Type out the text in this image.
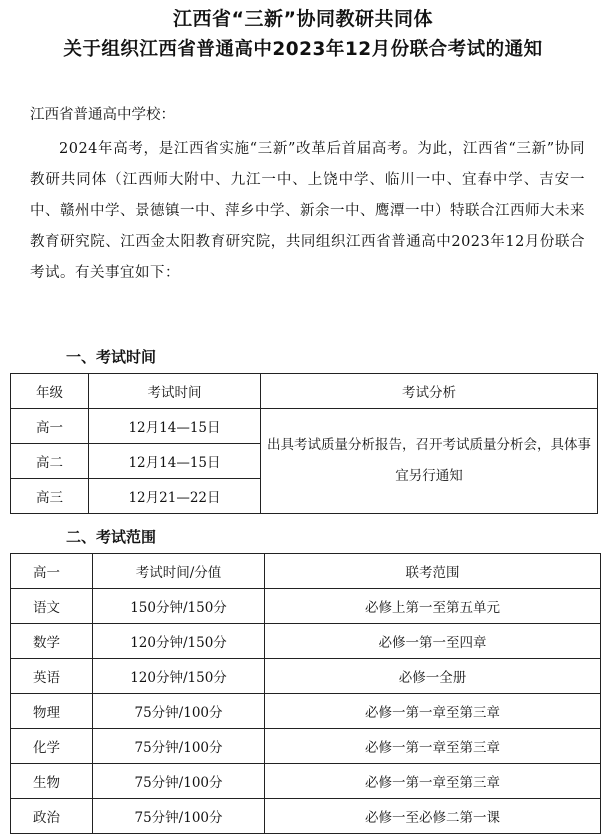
江西省“三新”协同教研共同体
关于组织江西省普通高中2023年12月份联合考试的通知
江西省普通高中学校：
2024年高考，是江西省实施“三新”改革后首届高考。为此，江西省“三新”协同教研共同体（江西师大附中、九江一中、上饶中学、临川一中、宜春中学、吉安一中、赣州中学、景德镇一中、萍乡中学、新余一中、鹰潭一中）特联合江西师大未来教育研究院、江西金太阳教育研究院，共同组织江西省普通高中2023年12月份联合考试。有关事宜如下：
一、考试时间
年级	考试时间	考试分析
高一	12月14—15日	出具考试质量分析报告，召开考试质量分析会，具体事宜另行通知
高二	12月14—15日	
高三	12月21—22日	
二、考试范围
高一	考试时间/分值	联考范围
语文	150分钟/150分	必修上第一至第五单元
数学	120分钟/150分	必修一第一至四章
英语	120分钟/150分	必修一全册
物理	75分钟/100分	必修一第一章至第三章
化学	75分钟/100分	必修一第一章至第三章
生物	75分钟/100分	必修一第一章至第三章
政治	75分钟/100分	必修一至必修二第一课
